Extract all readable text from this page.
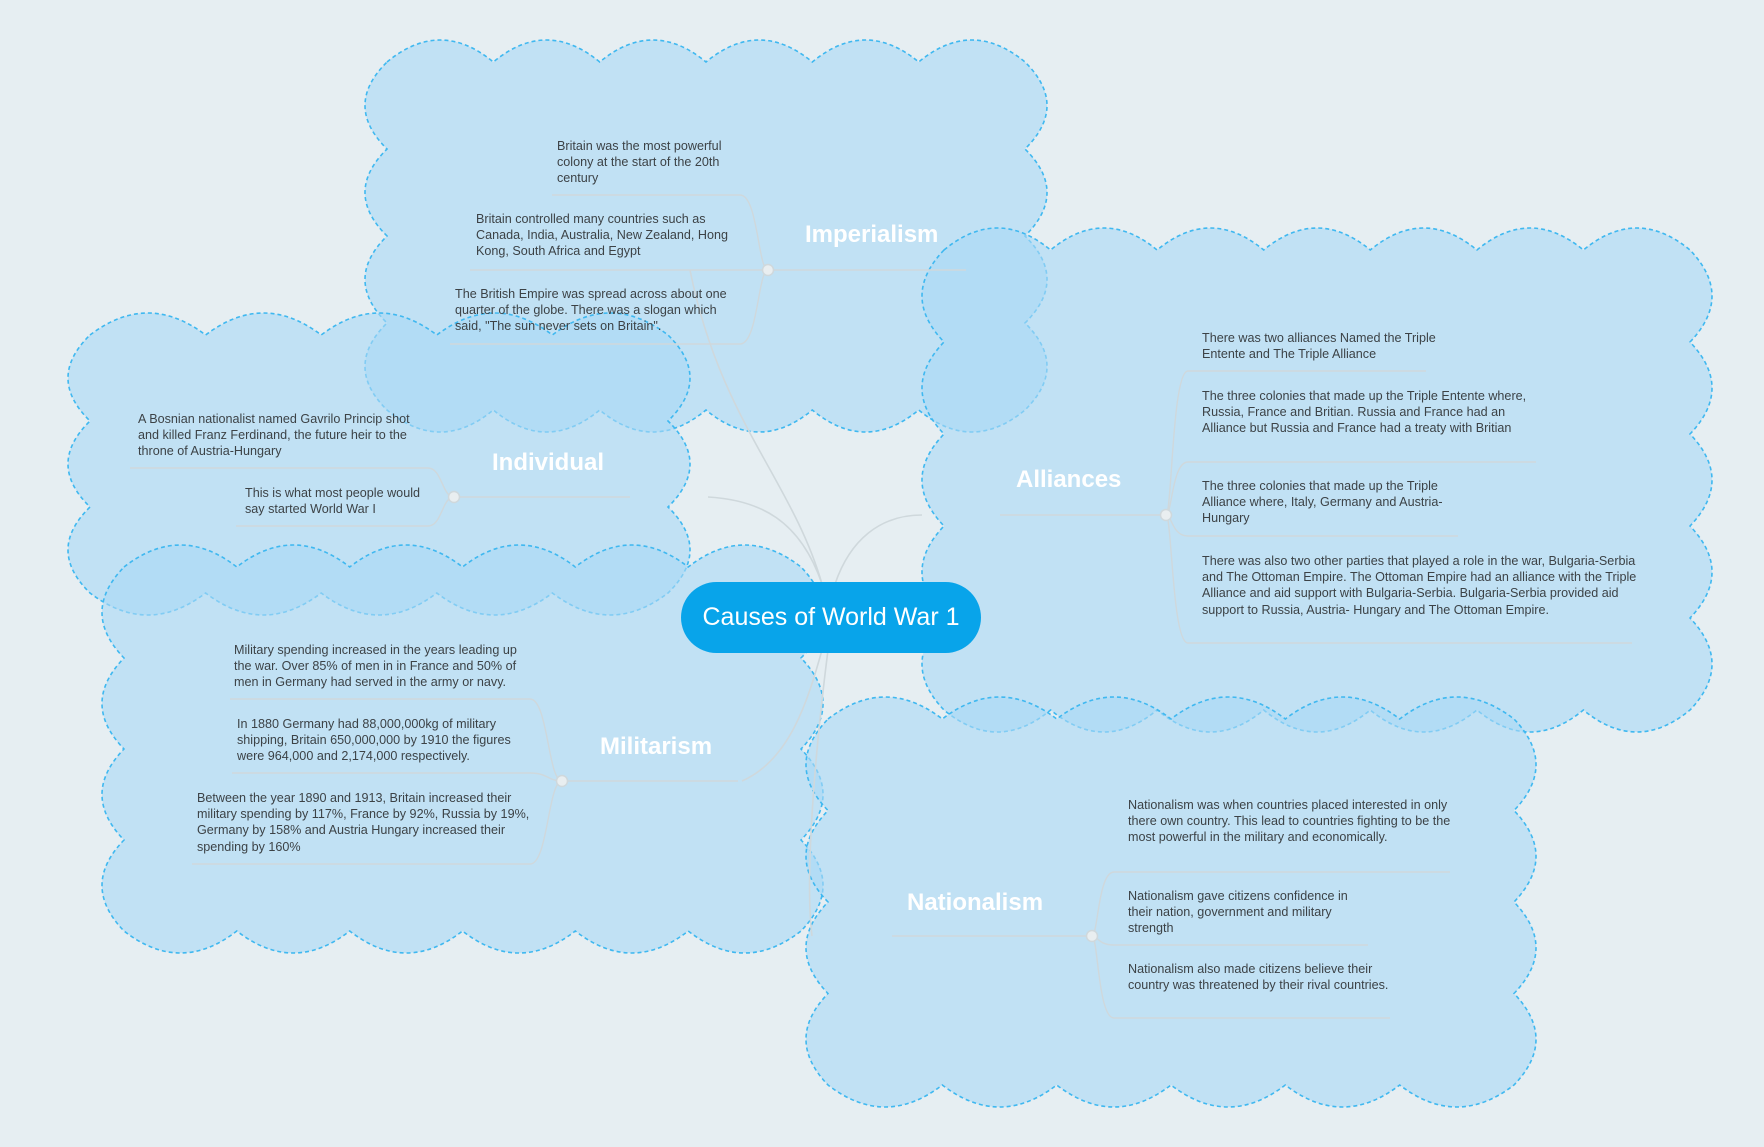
Causes of World War 1
Imperialism
Britain was the most powerful colony at the start of the 20th century
Britain controlled many countries such as Canada, India, Australia, New Zealand, Hong Kong, South Africa and Egypt
The British Empire was spread across about one quarter of the globe. There was a slogan which said, "The sun never sets on Britain".
Individual
A Bosnian nationalist named Gavrilo Princip shot and killed Franz Ferdinand, the future heir to the throne of Austria-Hungary
This is what most people would say started World War I
Militarism
Military spending increased in the years leading up the war. Over 85% of men in in France and 50% of men in Germany had served in the army or navy.
In 1880 Germany had 88,000,000kg of military shipping, Britain 650,000,000 by 1910 the figures were 964,000 and 2,174,000 respectively.
Between the year 1890 and 1913, Britain increased their military spending by 117%, France by 92%, Russia by 19%, Germany by 158% and Austria Hungary increased their spending by 160%
Alliances
There was two alliances Named the Triple Entente and The Triple Alliance
The three colonies that made up the Triple Entente where, Russia, France and Britian. Russia and France had an Alliance but Russia and France had a treaty with Britian
The three colonies that made up the Triple Alliance where, Italy, Germany and Austria-Hungary
There was also two other parties that played a role in the war, Bulgaria-Serbia and The Ottoman Empire. The Ottoman Empire had an alliance with the Triple Alliance and aid support with Bulgaria-Serbia. Bulgaria-Serbia provided aid support to Russia, Austria- Hungary and The Ottoman Empire.
Nationalism
Nationalism was when countries placed interested in only there own country. This lead to countries fighting to be the most powerful in the military and economically.
Nationalism gave citizens confidence in their nation, government and military strength
Nationalism also made citizens believe their country was threatened by their rival countries.
